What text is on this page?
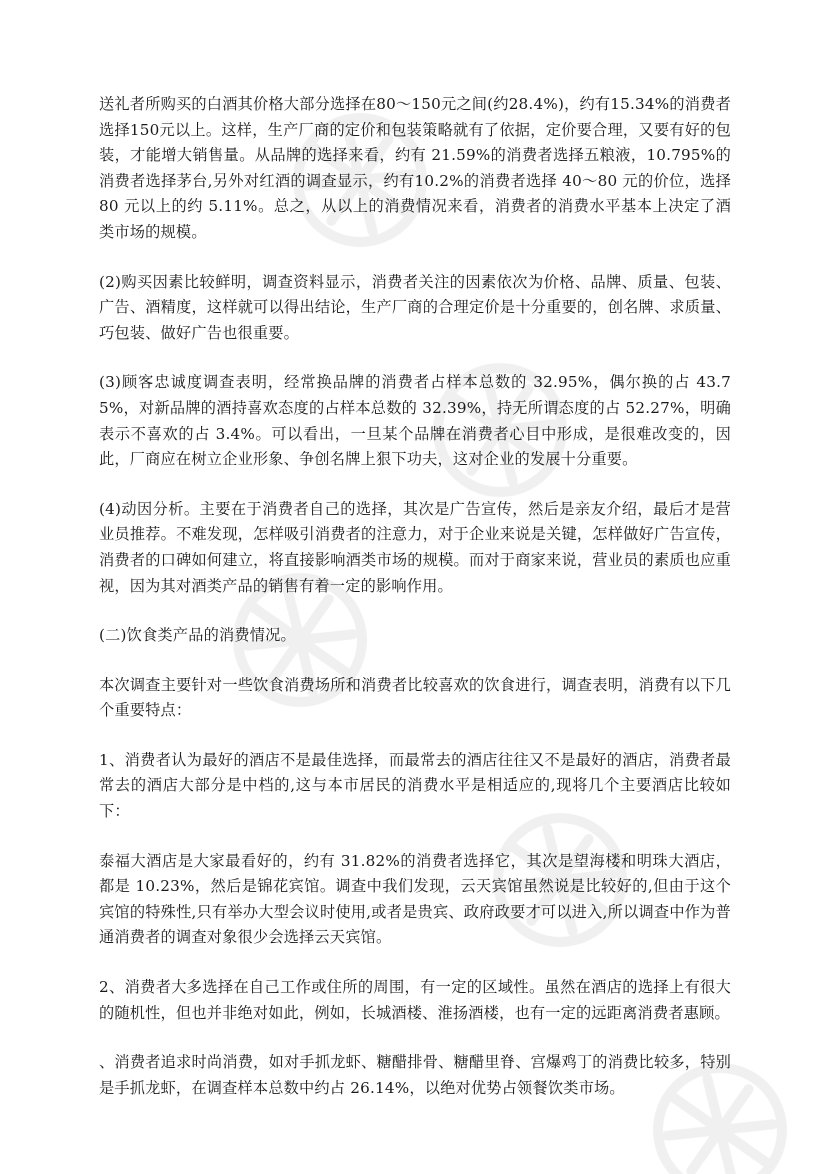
送礼者所购买的白酒其价格大部分选择在80～150元之间(约28.4%)，约有15.34%的消费者选择150元以上。这样，生产厂商的定价和包装策略就有了依据，定价要合理，又要有好的包装，才能增大销售量。从品牌的选择来看，约有 21.59%的消费者选择五粮液，10.795%的消费者选择茅台,另外对红酒的调查显示，约有10.2%的消费者选择 40～80 元的价位，选择 80 元以上的约 5.11%。总之，从以上的消费情况来看，消费者的消费水平基本上决定了酒类市场的规模。

(2)购买因素比较鲜明，调查资料显示，消费者关注的因素依次为价格、品牌、质量、包装、广告、酒精度，这样就可以得出结论，生产厂商的合理定价是十分重要的，创名牌、求质量、巧包装、做好广告也很重要。

(3)顾客忠诚度调查表明，经常换品牌的消费者占样本总数的 32.95%，偶尔换的占 43.75%，对新品牌的酒持喜欢态度的占样本总数的 32.39%，持无所谓态度的占 52.27%，明确表示不喜欢的占 3.4%。可以看出，一旦某个品牌在消费者心目中形成，是很难改变的，因此，厂商应在树立企业形象、争创名牌上狠下功夫，这对企业的发展十分重要。

(4)动因分析。主要在于消费者自己的选择，其次是广告宣传，然后是亲友介绍，最后才是营业员推荐。不难发现，怎样吸引消费者的注意力，对于企业来说是关键，怎样做好广告宣传，消费者的口碑如何建立，将直接影响酒类市场的规模。而对于商家来说，营业员的素质也应重视，因为其对酒类产品的销售有着一定的影响作用。

(二)饮食类产品的消费情况。

本次调查主要针对一些饮食消费场所和消费者比较喜欢的饮食进行，调查表明，消费有以下几个重要特点：

1、消费者认为最好的酒店不是最佳选择，而最常去的酒店往往又不是最好的酒店，消费者最常去的酒店大部分是中档的,这与本市居民的消费水平是相适应的,现将几个主要酒店比较如下：

泰福大酒店是大家最看好的，约有 31.82%的消费者选择它，其次是望海楼和明珠大酒店，都是 10.23%，然后是锦花宾馆。调查中我们发现，云天宾馆虽然说是比较好的,但由于这个宾馆的特殊性,只有举办大型会议时使用,或者是贵宾、政府政要才可以进入,所以调查中作为普通消费者的调查对象很少会选择云天宾馆。

2、消费者大多选择在自己工作或住所的周围，有一定的区域性。虽然在酒店的选择上有很大的随机性，但也并非绝对如此，例如，长城酒楼、淮扬酒楼，也有一定的远距离消费者惠顾。

、消费者追求时尚消费，如对手抓龙虾、糖醋排骨、糖醋里脊、宫爆鸡丁的消费比较多，特别是手抓龙虾，在调查样本总数中约占 26.14%，以绝对优势占领餐饮类市场。
